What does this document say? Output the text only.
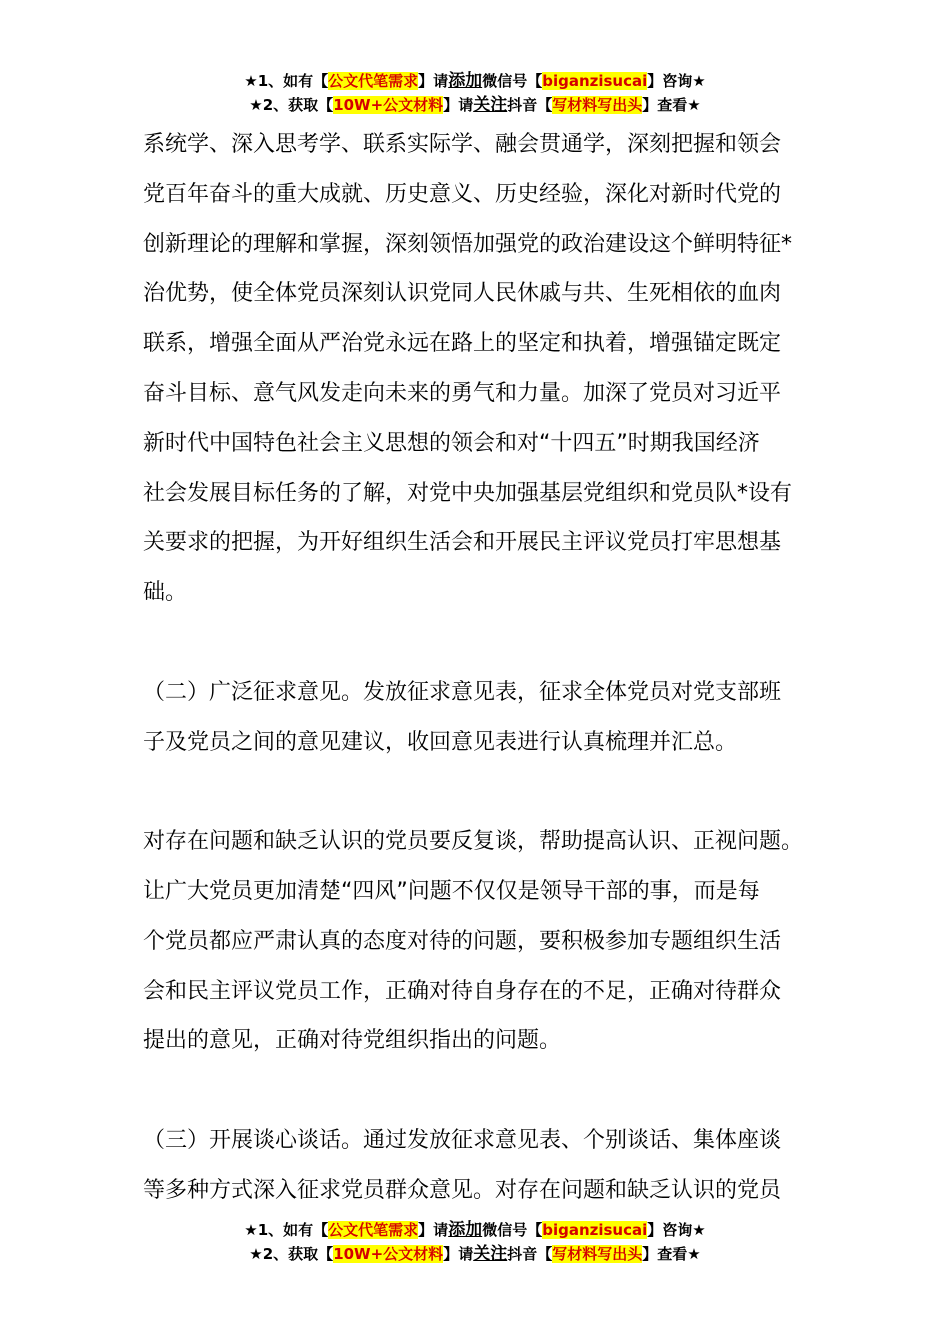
★1、如有【公文代笔需求】请添加微信号【biganzisucai】咨询★
★2、获取【10W+公文材料】请关注抖音【写材料写出头】查看★

系统学、深入思考学、联系实际学、融会贯通学，深刻把握和领会
党百年奋斗的重大成就、历史意义、历史经验，深化对新时代党的
创新理论的理解和掌握，深刻领悟加强党的政治建设这个鲜明特征*
治优势，使全体党员深刻认识党同人民休戚与共、生死相依的血肉
联系，增强全面从严治党永远在路上的坚定和执着，增强锚定既定
奋斗目标、意气风发走向未来的勇气和力量。加深了党员对习近平
新时代中国特色社会主义思想的领会和对“十四五”时期我国经济
社会发展目标任务的了解，对党中央加强基层党组织和党员队*设有
关要求的把握，为开好组织生活会和开展民主评议党员打牢思想基
础。

（二）广泛征求意见。发放征求意见表，征求全体党员对党支部班
子及党员之间的意见建议，收回意见表进行认真梳理并汇总。

对存在问题和缺乏认识的党员要反复谈，帮助提高认识、正视问题。
让广大党员更加清楚“四风”问题不仅仅是领导干部的事，而是每
个党员都应严肃认真的态度对待的问题，要积极参加专题组织生活
会和民主评议党员工作，正确对待自身存在的不足，正确对待群众
提出的意见，正确对待党组织指出的问题。

（三）开展谈心谈话。通过发放征求意见表、个别谈话、集体座谈
等多种方式深入征求党员群众意见。对存在问题和缺乏认识的党员

★1、如有【公文代笔需求】请添加微信号【biganzisucai】咨询★
★2、获取【10W+公文材料】请关注抖音【写材料写出头】查看★
